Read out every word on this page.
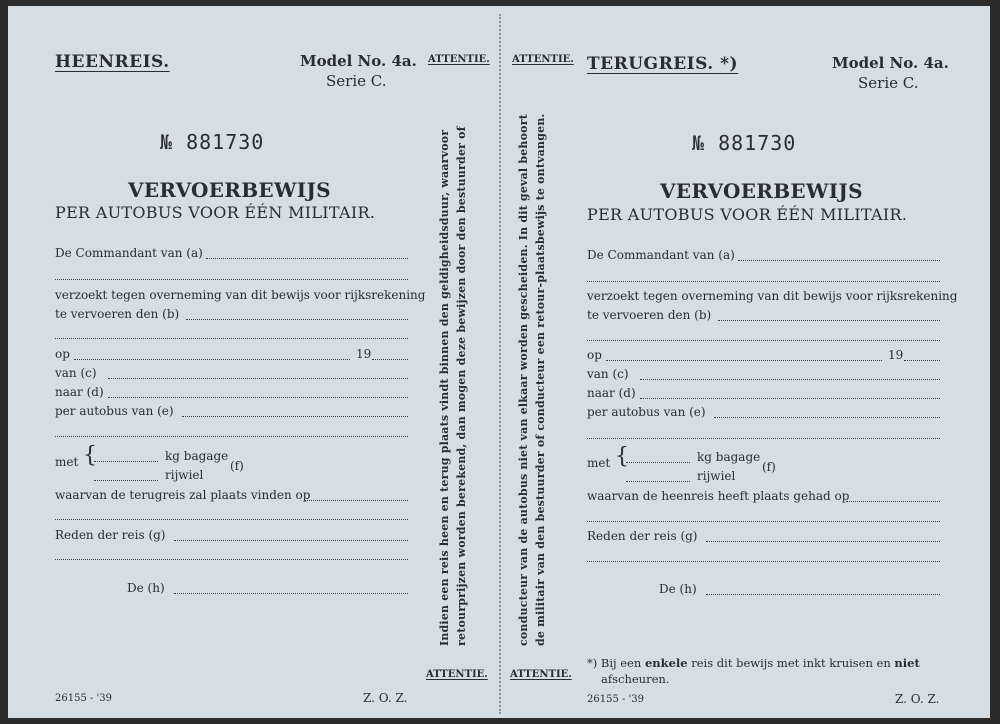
HEENREIS.	Model No. 4a.
Serie C.
№ 881730
VERVOERBEWIJS
PER AUTOBUS VOOR ÉÉN MILITAIR.
De Commandant van (a)
verzoekt tegen overneming van dit bewijs voor rijksrekening
te vervoeren den (b)
op	19
van (c)
naar (d)
per autobus van (e)
met {	kg bagage
rijwiel
(f)
waarvan de terugreis zal plaats vinden op
Reden der reis (g)
De (h)
26155 - '39	Z. O. Z.
ATTENTIE. ATTENTIE.
Indien een reis heen en terug plaats vindt binnen den geldigheidsduur, waarvoor retourprijzen worden berekend, dan mogen deze bewijzen door den bestuurder of	conducteur van de autobus niet van elkaar worden gescheiden. In dit geval behoort de militair van den bestuurder of conducteur een retour-plaatsbewijs te ontvangen.
ATTENTIE. ATTENTIE.
TERUGREIS. *)	Model No. 4a.
Serie C.
№ 881730
VERVOERBEWIJS
PER AUTOBUS VOOR ÉÉN MILITAIR.
De Commandant van (a)
verzoekt tegen overneming van dit bewijs voor rijksrekening
te vervoeren den (b)
op	19
van (c)
naar (d)
per autobus van (e)
met {	kg bagage
rijwiel
(f)
waarvan de heenreis heeft plaats gehad op
Reden der reis (g)
De (h)
*) Bij een enkele reis dit bewijs met inkt kruisen en niet
afscheuren.
26155 - '39	Z. O. Z.
